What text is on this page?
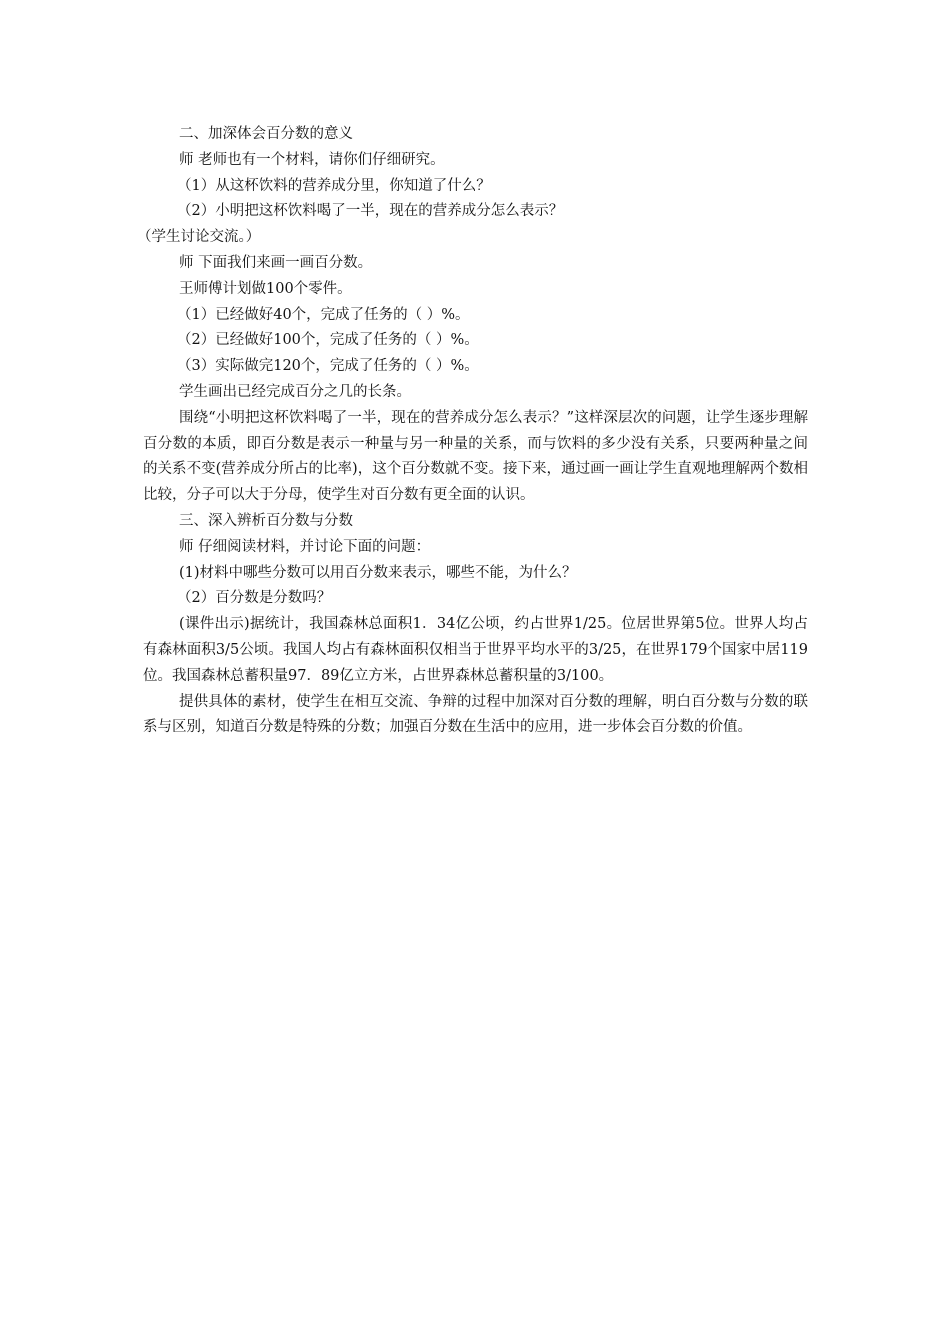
二、加深体会百分数的意义

师 老师也有一个材料，请你们仔细研究。

（1）从这杯饮料的营养成分里，你知道了什么？

（2）小明把这杯饮料喝了一半，现在的营养成分怎么表示？

（学生讨论交流。）

师 下面我们来画一画百分数。

王师傅计划做100个零件。

（1）已经做好40个，完成了任务的（ ）%。

（2）已经做好100个，完成了任务的（ ）%。

（3）实际做完120个，完成了任务的（ ）%。

学生画出已经完成百分之几的长条。

围绕“小明把这杯饮料喝了一半，现在的营养成分怎么表示？”这样深层次的问题，让学生逐步理解百分数的本质，即百分数是表示一种量与另一种量的关系，而与饮料的多少没有关系，只要两种量之间的关系不变(营养成分所占的比率)，这个百分数就不变。接下来，通过画一画让学生直观地理解两个数相比较，分子可以大于分母，使学生对百分数有更全面的认识。

三、深入辨析百分数与分数

师 仔细阅读材料，并讨论下面的问题：

(1)材料中哪些分数可以用百分数来表示，哪些不能，为什么？

（2）百分数是分数吗？

(课件出示)据统计，我国森林总面积1．34亿公顷，约占世界1/25。位居世界第5位。世界人均占有森林面积3/5公顷。我国人均占有森林面积仅相当于世界平均水平的3/25，在世界179个国家中居119位。我国森林总蓄积量97．89亿立方米，占世界森林总蓄积量的3/100。

提供具体的素材，使学生在相互交流、争辩的过程中加深对百分数的理解，明白百分数与分数的联系与区别，知道百分数是特殊的分数；加强百分数在生活中的应用，进一步体会百分数的价值。
